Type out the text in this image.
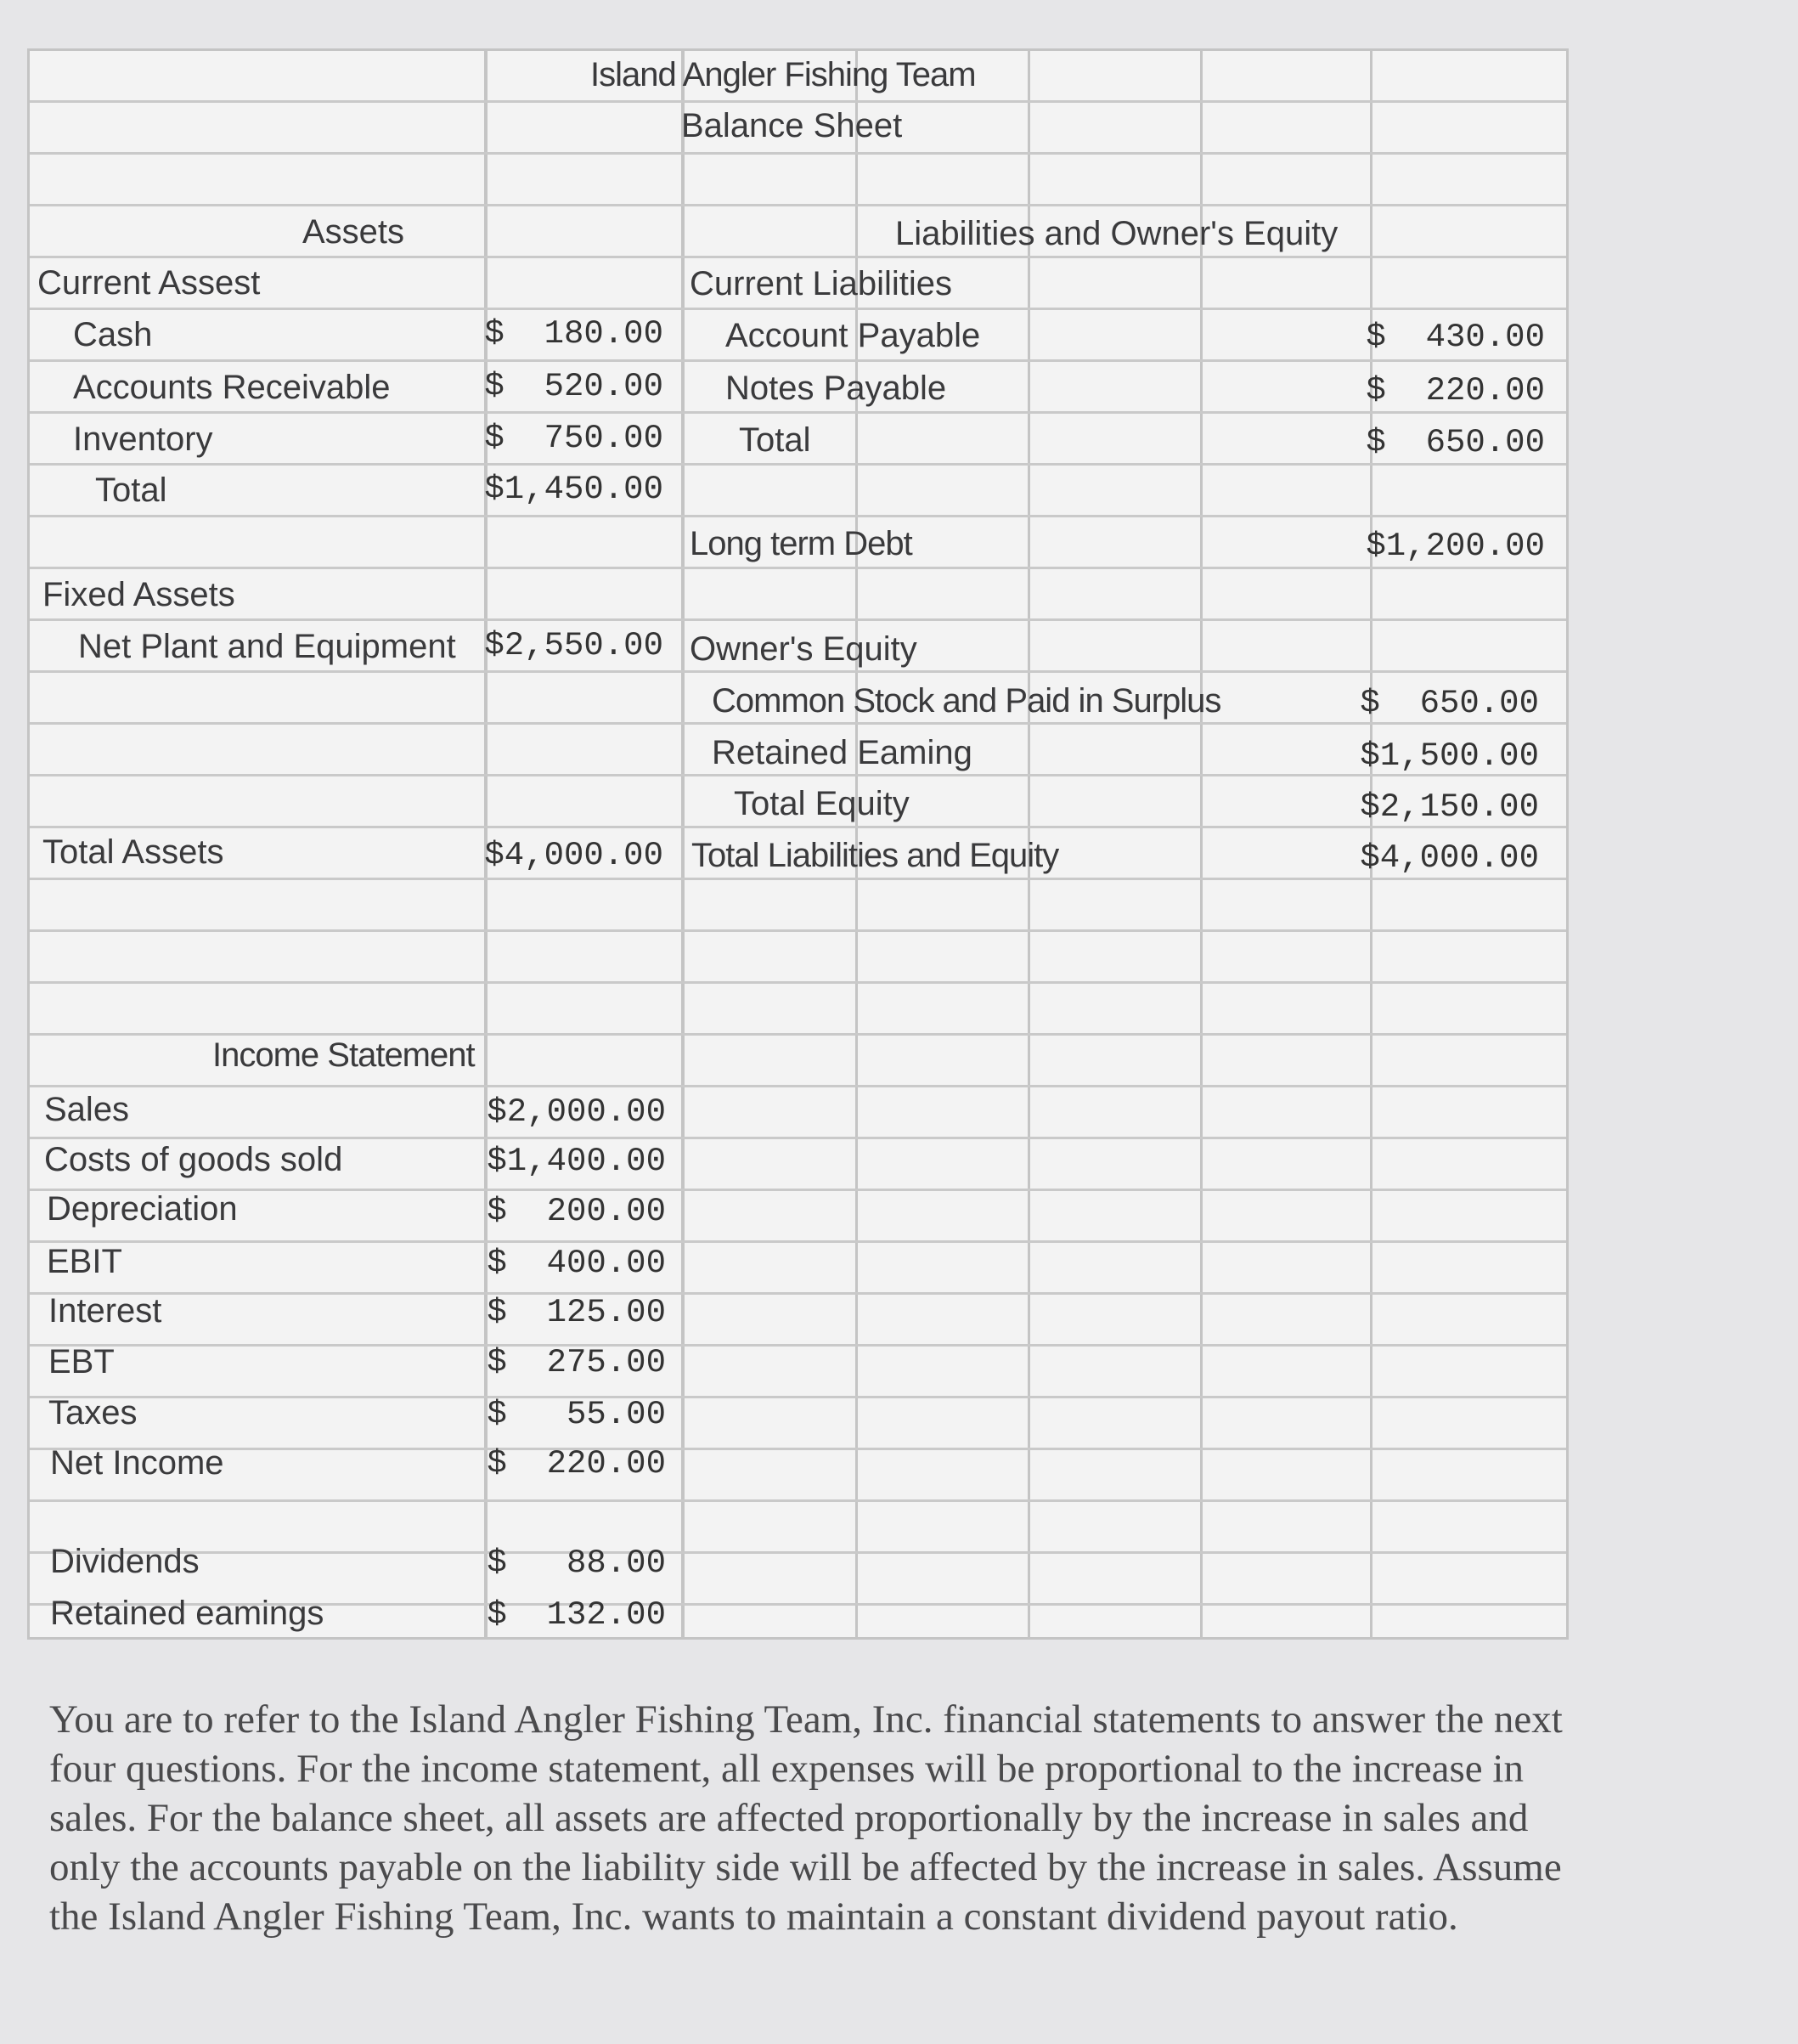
Island Angler Fishing Team
Balance Sheet
Assets
Current Assest
Cash	$  180.00
Accounts Receivable	$  520.00
Inventory	$  750.00
Total	$1,450.00
Fixed Assets
Net Plant and Equipment $2,550.00
Total Assets	$4,000.00
Liabilities and Owner's Equity
Current Liabilities
Account Payable	$  430.00
Notes Payable	$  220.00
Total	$  650.00
Long term Debt	$1,200.00
Owner's Equity
Common Stock and Paid in Surplus	$  650.00
Retained Eaming	$1,500.00
Total Equity	$2,150.00
Total Liabilities and Equity	$4,000.00
Income Statement
Sales	$2,000.00
Costs of goods sold	$1,400.00
Depreciation	$  200.00
EBIT	$  400.00
Interest	$  125.00
EBT	$  275.00
Taxes	$   55.00
Net Income	$  220.00
Dividends	$   88.00
Retained eamings	$  132.00
You are to refer to the Island Angler Fishing Team, Inc. financial statements to answer the next
four questions. For the income statement, all expenses will be proportional to the increase in
sales. For the balance sheet, all assets are affected proportionally by the increase in sales and
only the accounts payable on the liability side will be affected by the increase in sales. Assume
the Island Angler Fishing Team, Inc. wants to maintain a constant dividend payout ratio.
